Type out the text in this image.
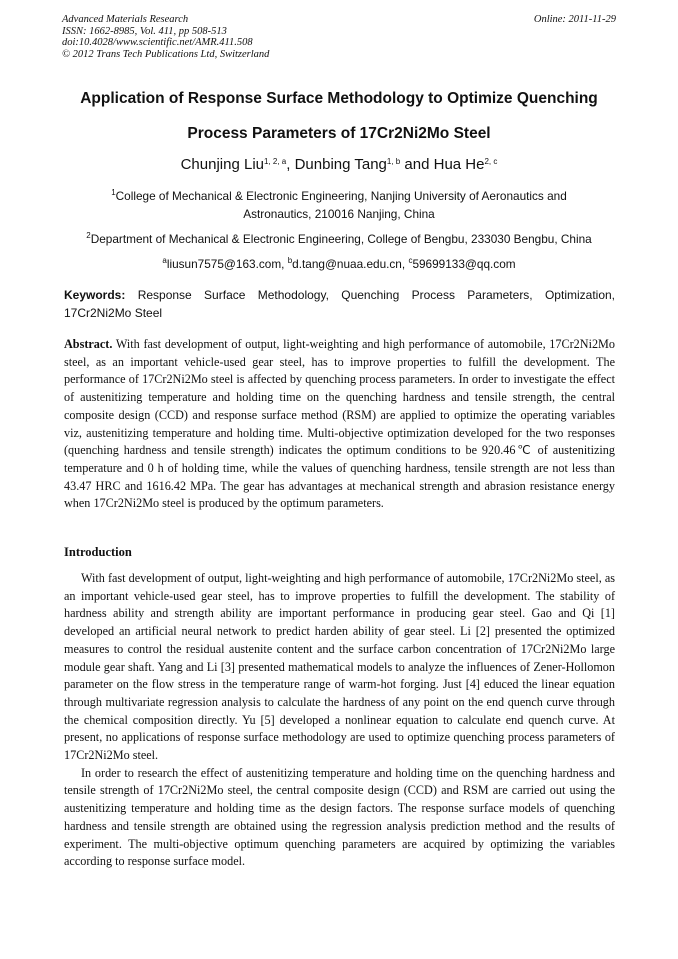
Advanced Materials Research
ISSN: 1662-8985, Vol. 411, pp 508-513
doi:10.4028/www.scientific.net/AMR.411.508
© 2012 Trans Tech Publications Ltd, Switzerland
Online: 2011-11-29
Application of Response Surface Methodology to Optimize Quenching
Process Parameters of 17Cr2Ni2Mo Steel
Chunjing Liu$^{1, 2, a}$, Dunbing Tang$^{1, b}$ and Hua He$^{2, c}$
$^1$College of Mechanical & Electronic Engineering, Nanjing University of Aeronautics and
Astronautics, 210016 Nanjing, China
$^2$Department of Mechanical & Electronic Engineering, College of Bengbu, 233030 Bengbu, China
$^a$liusun7575@163.com, $^b$d.tang@nuaa.edu.cn, $^c$59699133@qq.com
Keywords: Response Surface Methodology, Quenching Process Parameters, Optimization, 17Cr2Ni2Mo Steel

Abstract. With fast development of output, light-weighting and high performance of automobile, 17Cr2Ni2Mo steel, as an important vehicle-used gear steel, has to improve properties to fulfill the development. The performance of 17Cr2Ni2Mo steel is affected by quenching process parameters. In order to investigate the effect of austenitizing temperature and holding time on the quenching hardness and tensile strength, the central composite design (CCD) and response surface method (RSM) are applied to optimize the operating variables viz, austenitizing temperature and holding time. Multi-objective optimization developed for the two responses (quenching hardness and tensile strength) indicates the optimum conditions to be 920.46℃ of austenitizing temperature and 0 h of holding time, while the values of quenching hardness, tensile strength are not less than 43.47 HRC and 1616.42 MPa. The gear has advantages at mechanical strength and abrasion resistance energy when 17Cr2Ni2Mo steel is produced by the optimum parameters.

Introduction

With fast development of output, light-weighting and high performance of automobile, 17Cr2Ni2Mo steel, as an important vehicle-used gear steel, has to improve properties to fulfill the development. The stability of hardness ability and strength ability are important performance in producing gear steel. Gao and Qi [1] developed an artificial neural network to predict harden ability of gear steel. Li [2] presented the optimized measures to control the residual austenite content and the surface carbon concentration of 17Cr2Ni2Mo large module gear shaft. Yang and Li [3] presented mathematical models to analyze the influences of Zener-Hollomon parameter on the flow stress in the temperature range of warm-hot forging. Just [4] educed the linear equation through multivariate regression analysis to calculate the hardness of any point on the end quench curve through the chemical composition directly. Yu [5] developed a nonlinear equation to calculate end quench curve. At present, no applications of response surface methodology are used to optimize quenching process parameters of 17Cr2Ni2Mo steel.

In order to research the effect of austenitizing temperature and holding time on the quenching hardness and tensile strength of 17Cr2Ni2Mo steel, the central composite design (CCD) and RSM are carried out using the austenitizing temperature and holding time as the design factors. The response surface models of quenching hardness and tensile strength are obtained using the regression analysis prediction method and the results of experiment. The multi-objective optimum quenching parameters are acquired by optimizing the variables according to response surface model.
